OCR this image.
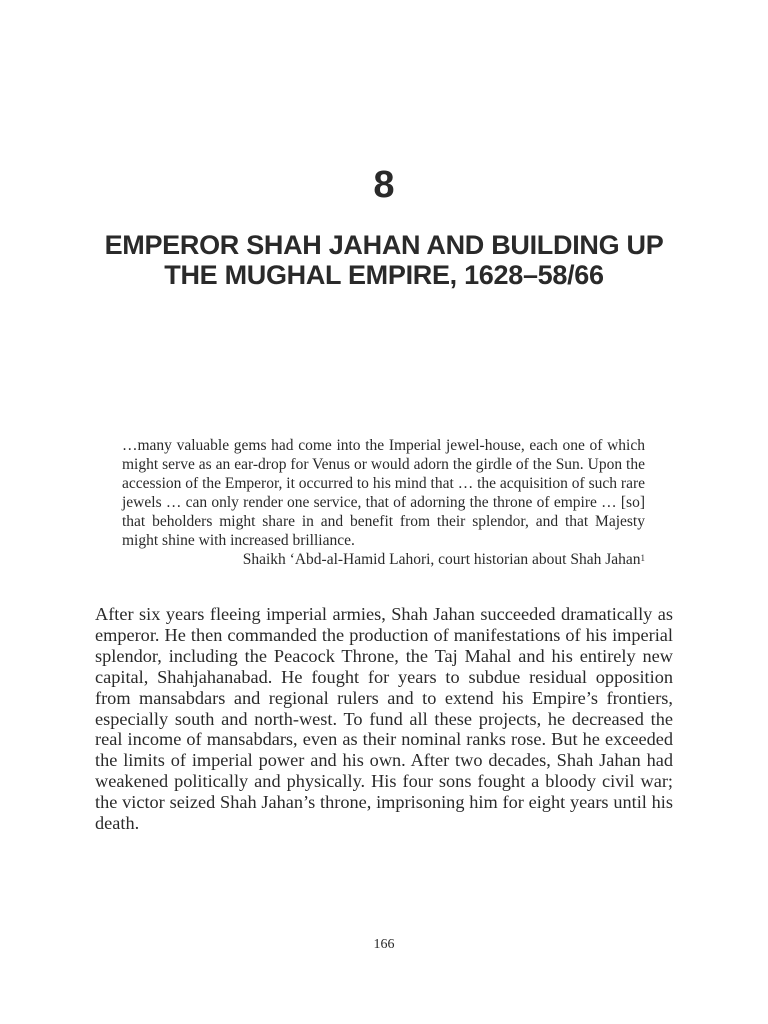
8
EMPEROR SHAH JAHAN AND BUILDING UP
THE MUGHAL EMPIRE, 1628–58/66

…many valuable gems had come into the Imperial jewel-house, each one of which might serve as an ear-drop for Venus or would adorn the girdle of the Sun. Upon the accession of the Emperor, it occurred to his mind that … the acquisition of such rare jewels … can only render one service, that of adorning the throne of empire … [so] that beholders might share in and benefit from their splendor, and that Majesty might shine with increased brilliance.

Shaikh ‘Abd-al-Hamid Lahori, court historian about Shah Jahan$^1$

After six years fleeing imperial armies, Shah Jahan succeeded dramatically as emperor. He then commanded the production of manifestations of his imperial splendor, including the Peacock Throne, the Taj Mahal and his entirely new capital, Shahjahanabad. He fought for years to subdue residual opposition from mansabdars and regional rulers and to extend his Empire’s frontiers, especially south and north-west. To fund all these projects, he decreased the real income of mansabdars, even as their nominal ranks rose. But he exceeded the limits of imperial power and his own. After two decades, Shah Jahan had weakened politically and physically. His four sons fought a bloody civil war; the victor seized Shah Jahan’s throne, imprisoning him for eight years until his death.

166
